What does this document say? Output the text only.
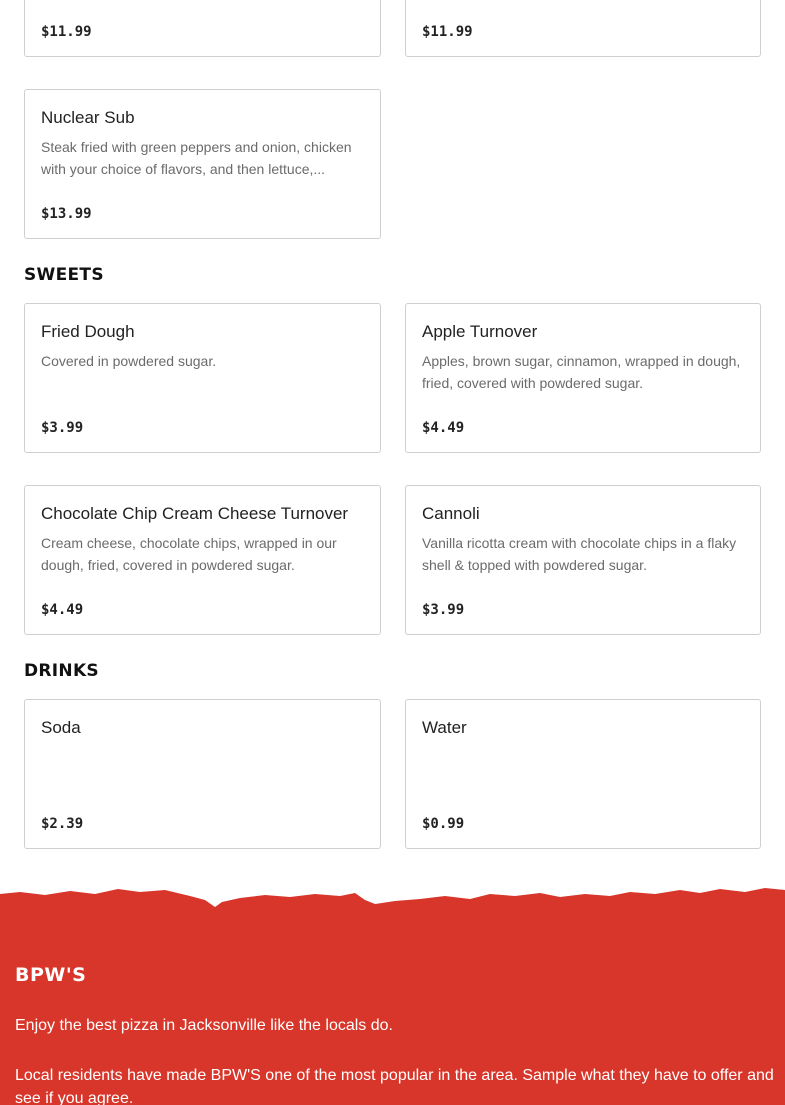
$11.99	$11.99
Nuclear Sub
Steak fried with green peppers and onion, chicken with your choice of flavors, and then lettuce,...
$13.99
SWEETS
Fried Dough
Covered in powdered sugar.
$3.99
Apple Turnover
Apples, brown sugar, cinnamon, wrapped in dough, fried, covered with powdered sugar.
$4.49
Chocolate Chip Cream Cheese Turnover
Cream cheese, chocolate chips, wrapped in our dough, fried, covered in powdered sugar.
$4.49
Cannoli
Vanilla ricotta cream with chocolate chips in a flaky shell & topped with powdered sugar.
$3.99
DRINKS
Soda
$2.39
Water
$0.99
BPW'S
Enjoy the best pizza in Jacksonville like the locals do.
Local residents have made BPW'S one of the most popular in the area. Sample what they have to offer and see if you agree.
